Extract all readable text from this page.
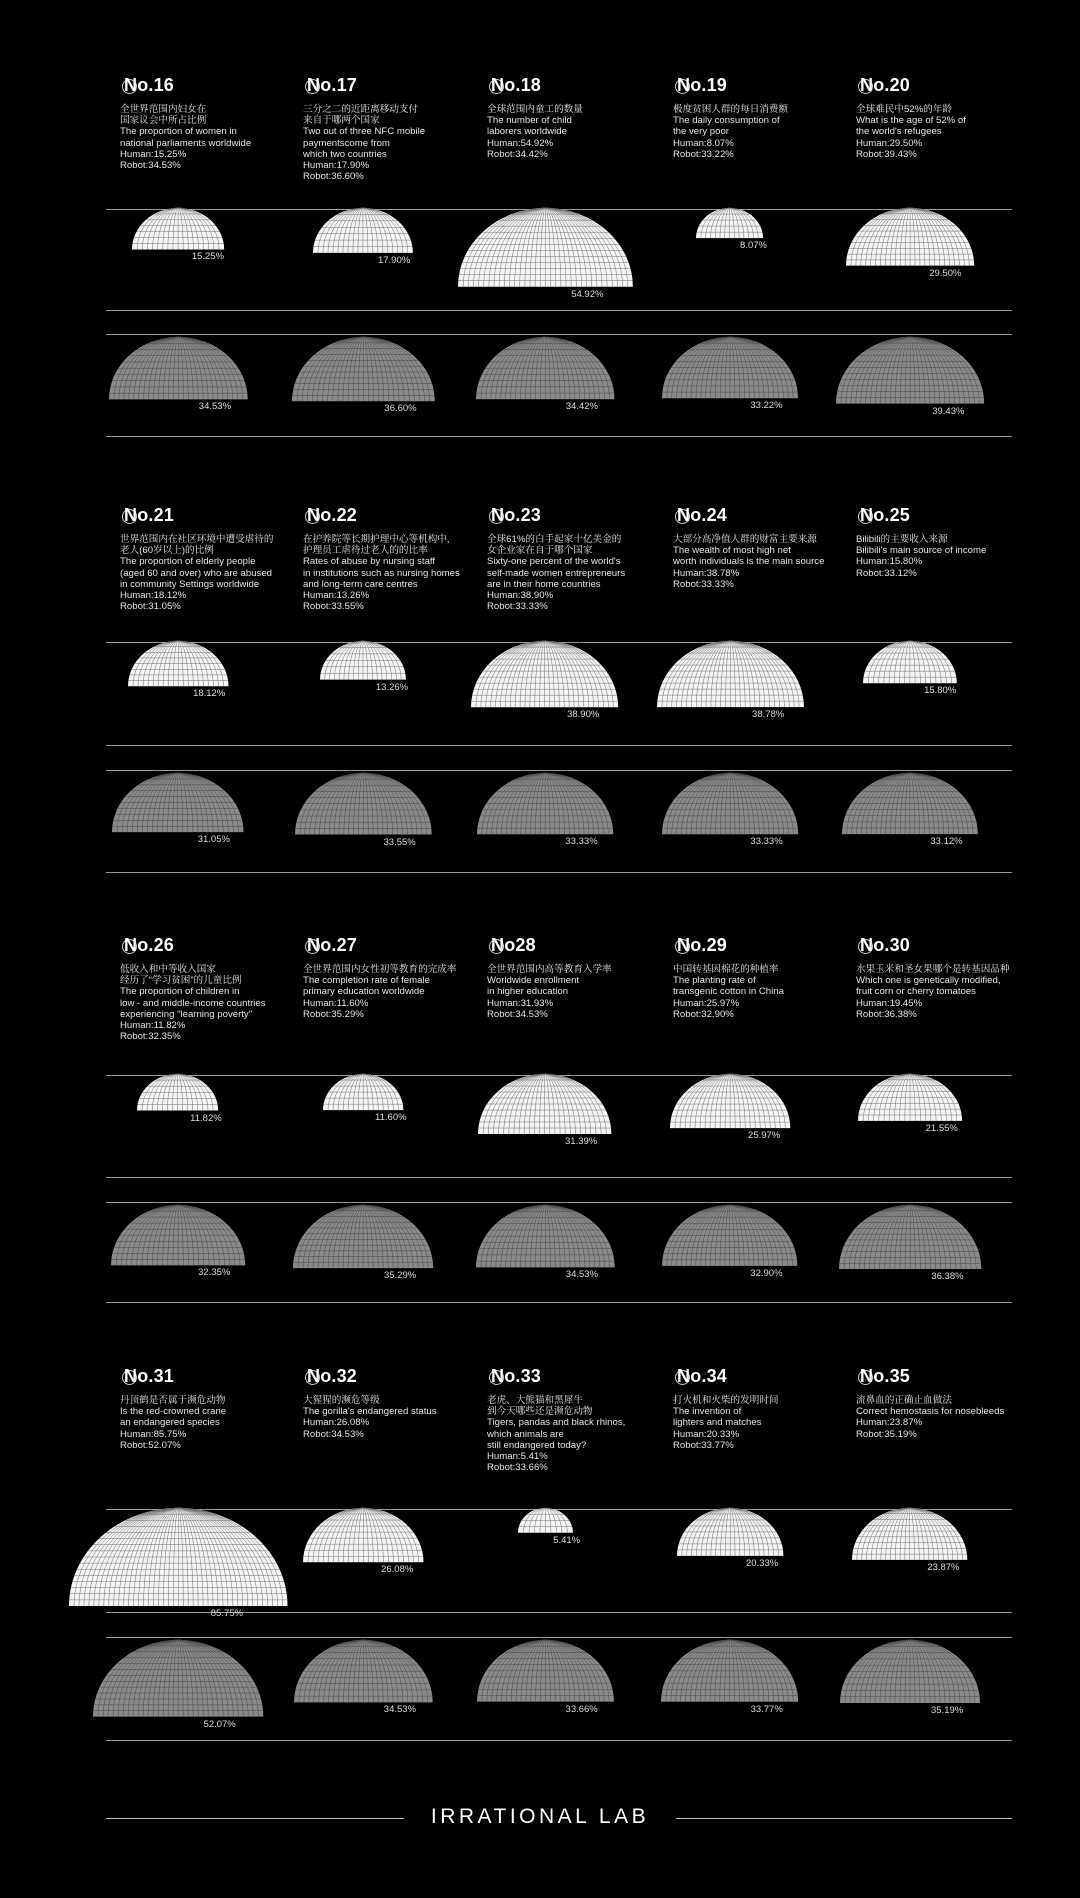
No.16
全世界范围内妇女在
国家议会中所占比例
The proportion of women in
national parliaments worldwide
Human:15.25%
Robot:34.53%
No.17
三分之二的近距离移动支付
来自于哪两个国家
Two out of three NFC mobile
paymentscome from
which two countries
Human:17.90%
Robot:36.60%
No.18
全球范围内童工的数量
The number of child
laborers worldwide
Human:54.92%
Robot:34.42%
No.19
极度贫困人群的每日消费额
The daily consumption of
the very poor
Human:8.07%
Robot:33.22%
No.20
全球难民中52%的年龄
What is the age of 52% of
the world's refugees
Human:29.50%
Robot:39.43%
No.21
世界范围内在社区环境中遭受虐待的
老人(60岁以上)的比例
The proportion of elderly people
(aged 60 and over) who are abused
in community Settings worldwide
Human:18.12%
Robot:31.05%
No.22
在护养院等长期护理中心等机构中,
护理员工虐待过老人的的比率
Rates of abuse by nursing staff
in institutions such as nursing homes
and long-term care centres
Human:13.26%
Robot:33.55%
No.23
全球61%的白手起家十亿美金的
女企业家在自于哪个国家
Sixty-one percent of the world's
self-made women entrepreneurs
are in their home countries
Human:38.90%
Robot:33.33%
No.24
大部分高净值人群的财富主要来源
The wealth of most high net
worth individuals is the main source
Human:38.78%
Robot:33.33%
No.25
Bilibili的主要收入来源
Bilibili's main source of income
Human:15.80%
Robot:33.12%
No.26
低收入和中等收入国家
经历了“学习贫困”的儿童比例
The proportion of children in
low - and middle-income countries
experiencing "learning poverty"
Human:11.82%
Robot:32.35%
No.27
全世界范围内女性初等教育的完成率
The completion rate of female
primary education worldwide
Human:11.60%
Robot:35.29%
No28
全世界范围内高等教育入学率
Worldwide enrollment
in higher education
Human:31.93%
Robot:34.53%
No.29
中国转基因棉花的种植率
The planting rate of
transgenic cotton in China
Human:25.97%
Robot:32.90%
No.30
水果玉米和圣女果哪个是转基因品种
Which one is genetically modified,
fruit corn or cherry tomatoes
Human:19.45%
Robot:36.38%
No.31
丹顶鹤是否属于濒危动物
Is the red-crowned crane
an endangered species
Human:85.75%
Robot:52.07%
No.32
大猩猩的濒危等级
The gorilla's endangered status
Human:26.08%
Robot:34.53%
No.33
老虎、大熊猫和黑犀牛
到今天哪些还是濒危动物
Tigers, pandas and black rhinos,
which animals are
still endangered today?
Human:5.41%
Robot:33.66%
No.34
打火机和火柴的发明时间
The invention of
lighters and matches
Human:20.33%
Robot:33.77%
No.35
流鼻血的正确止血做法
Correct hemostasis for nosebleeds
Human:23.87%
Robot:35.19%
15.25%
34.53%
17.90%
36.60%
54.92%
34.42%
8.07%
33.22%
29.50%
39.43%
18.12%
31.05%
13.26%
33.55%
38.90%
33.33%
38.78%
33.33%
15.80%
33.12%
11.82%
32.35%
11.60%
35.29%
31.39%
34.53%
25.97%
32.90%
21.55%
36.38%
85.75%
52.07%
26.08%
34.53%
5.41%
33.66%
20.33%
33.77%
23.87%
35.19%
IRRATIONAL LAB
